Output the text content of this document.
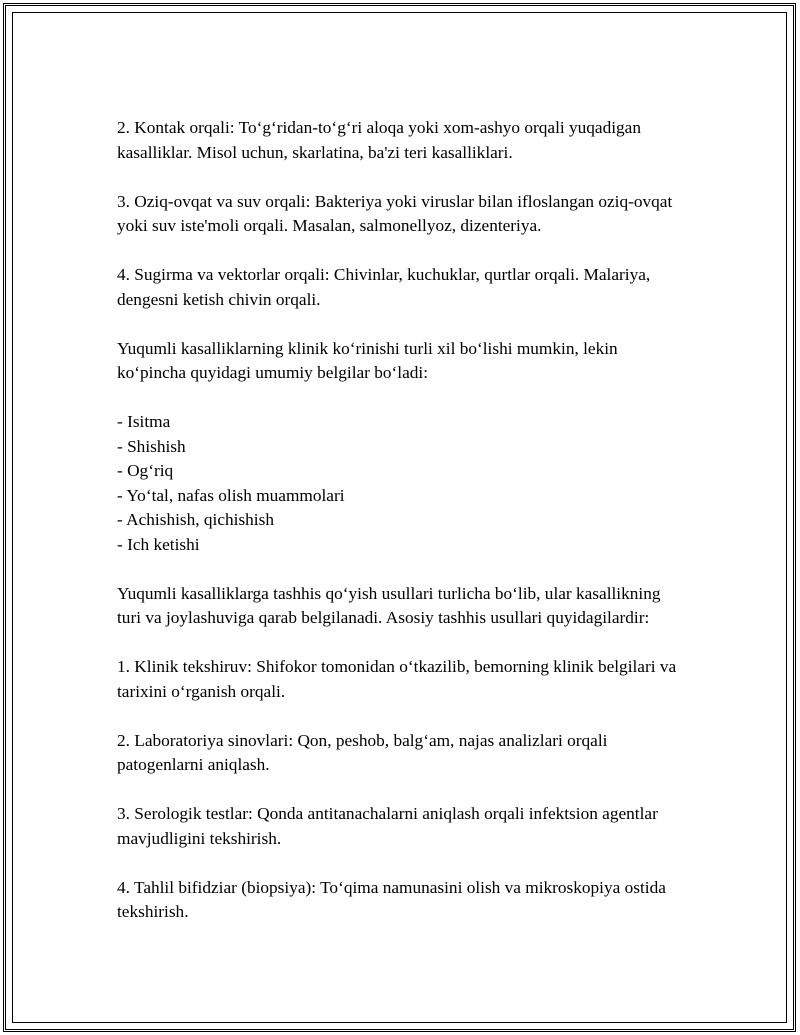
2. Kontak orqali: To‘g‘ridan-to‘g‘ri aloqa yoki xom-ashyo orqali yuqadigan kasalliklar. Misol uchun, skarlatina, ba'zi teri kasalliklari.

3. Oziq-ovqat va suv orqali: Bakteriya yoki viruslar bilan ifloslangan oziq-ovqat yoki suv iste'moli orqali. Masalan, salmonellyoz, dizenteriya.

4. Sugirma va vektorlar orqali: Chivinlar, kuchuklar, qurtlar orqali. Malariya, dengesni ketish chivin orqali.

Yuqumli kasalliklarning klinik ko‘rinishi turli xil bo‘lishi mumkin, lekin ko‘pincha quyidagi umumiy belgilar bo‘ladi:

- Isitma
- Shishish
- Og‘riq
- Yo‘tal, nafas olish muammolari
- Achishish, qichishish
- Ich ketishi

Yuqumli kasalliklarga tashhis qo‘yish usullari turlicha bo‘lib, ular kasallikning turi va joylashuviga qarab belgilanadi. Asosiy tashhis usullari quyidagilardir:

1. Klinik tekshiruv: Shifokor tomonidan o‘tkazilib, bemorning klinik belgilari va tarixini o‘rganish orqali.

2. Laboratoriya sinovlari: Qon, peshob, balg‘am, najas analizlari orqali patogenlarni aniqlash.

3. Serologik testlar: Qonda antitanachalarni aniqlash orqali infektsion agentlar mavjudligini tekshirish.

4. Tahlil bifidziar (biopsiya): To‘qima namunasini olish va mikroskopiya ostida tekshirish.
